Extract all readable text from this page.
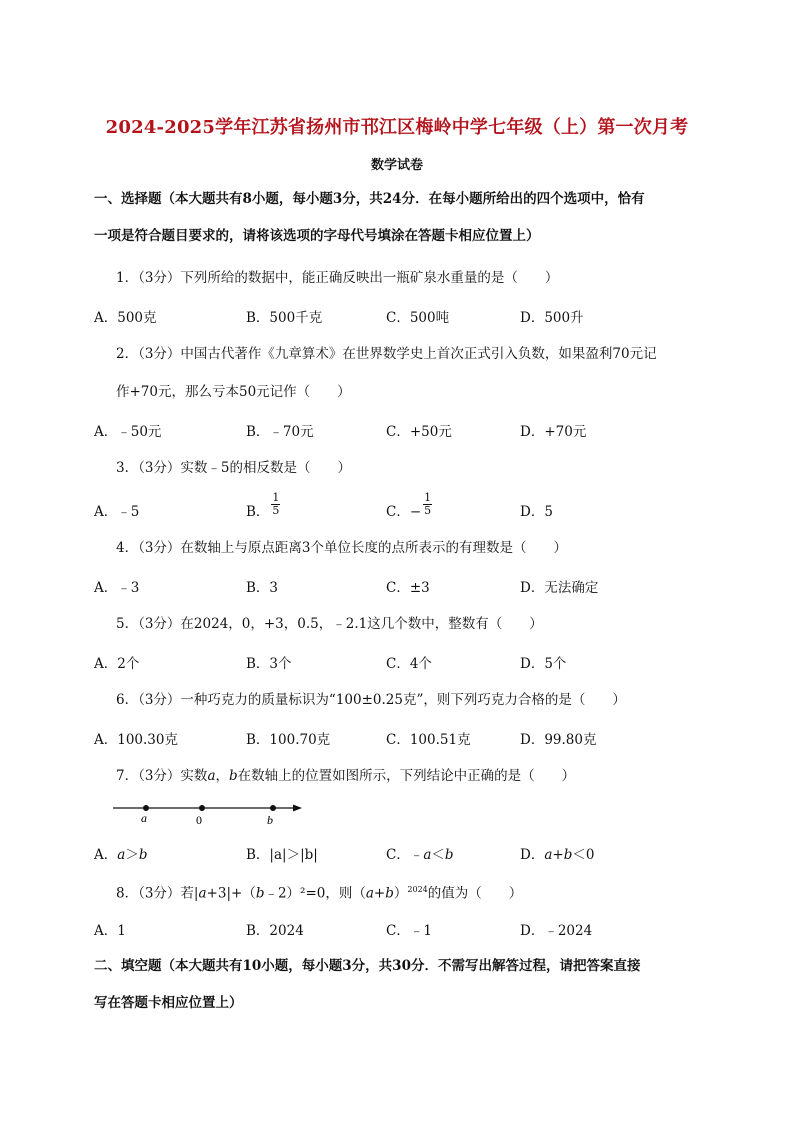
2024-2025学年江苏省扬州市邗江区梅岭中学七年级（上）第一次月考
数学试卷
一、选择题（本大题共有8小题，每小题3分，共24分．在每小题所给出的四个选项中，恰有
一项是符合题目要求的，请将该选项的字母代号填涂在答题卡相应位置上）
1．（3分）下列所给的数据中，能正确反映出一瓶矿泉水重量的是（　　）
A．500克	B．500千克	C．500吨	D．500升
2．（3分）中国古代著作《九章算术》在世界数学史上首次正式引入负数，如果盈利70元记
作+70元，那么亏本50元记作（　　）
A．﹣50元	B．﹣70元	C．+50元	D．+70元
3．（3分）实数﹣5的相反数是（　　）
A．﹣5	B． $\frac{1}{5}$	C．− $\frac{1}{5}$	D．5
4．（3分）在数轴上与原点距离3个单位长度的点所表示的有理数是（　　）
A．﹣3	B．3	C．±3	D．无法确定
5．（3分）在2024，0，+3，0.5，﹣2.1这几个数中，整数有（　　）
A．2个	B．3个	C．4个	D．5个
6．（3分）一种巧克力的质量标识为“100±0.25克”，则下列巧克力合格的是（　　）
A．100.30克	B．100.70克	C．100.51克	D．99.80克
7．（3分）实数a，b在数轴上的位置如图所示，下列结论中正确的是（　　）
a	0	b
A．a＞b	B．|a|＞|b|	C．﹣a＜b	D．a+b＜0
8．（3分）若|a+3|+（b﹣2）²=0，则$(a+b)^{2024}$的值为（　　）
A．1	B．2024	C．﹣1	D．﹣2024
二、填空题（本大题共有10小题，每小题3分，共30分．不需写出解答过程，请把答案直接
写在答题卡相应位置上）
